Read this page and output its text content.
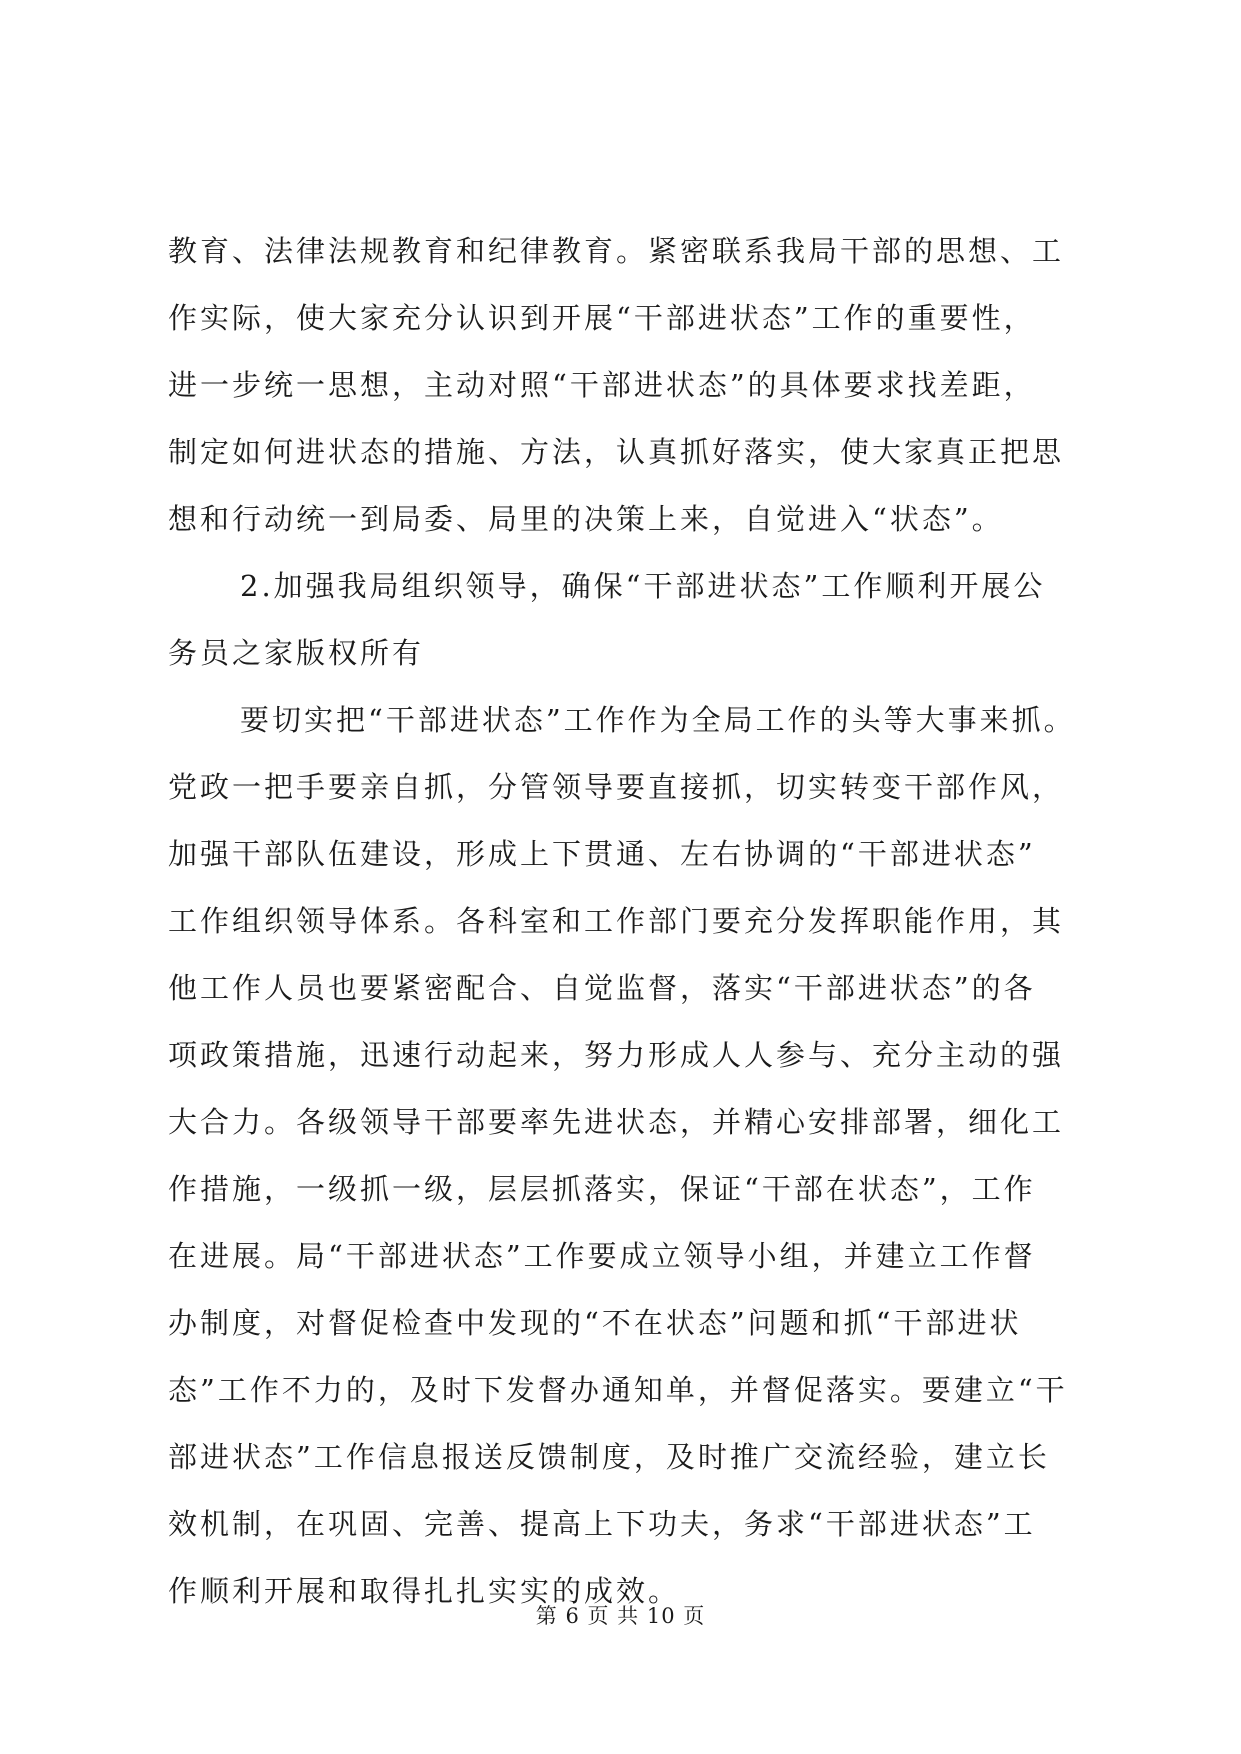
教育、法律法规教育和纪律教育。紧密联系我局干部的思想、工
作实际，使大家充分认识到开展“干部进状态”工作的重要性，
进一步统一思想，主动对照“干部进状态”的具体要求找差距，
制定如何进状态的措施、方法，认真抓好落实，使大家真正把思
想和行动统一到局委、局里的决策上来，自觉进入“状态”。
2.加强我局组织领导，确保“干部进状态”工作顺利开展公
务员之家版权所有
要切实把“干部进状态”工作作为全局工作的头等大事来抓。
党政一把手要亲自抓，分管领导要直接抓，切实转变干部作风，
加强干部队伍建设，形成上下贯通、左右协调的“干部进状态”
工作组织领导体系。各科室和工作部门要充分发挥职能作用，其
他工作人员也要紧密配合、自觉监督，落实“干部进状态”的各
项政策措施，迅速行动起来，努力形成人人参与、充分主动的强
大合力。各级领导干部要率先进状态，并精心安排部署，细化工
作措施，一级抓一级，层层抓落实，保证“干部在状态”，工作
在进展。局“干部进状态”工作要成立领导小组，并建立工作督
办制度，对督促检查中发现的“不在状态”问题和抓“干部进状
态”工作不力的，及时下发督办通知单，并督促落实。要建立“干
部进状态”工作信息报送反馈制度，及时推广交流经验，建立长
效机制，在巩固、完善、提高上下功夫，务求“干部进状态”工
作顺利开展和取得扎扎实实的成效。
第 6 页 共 10 页
